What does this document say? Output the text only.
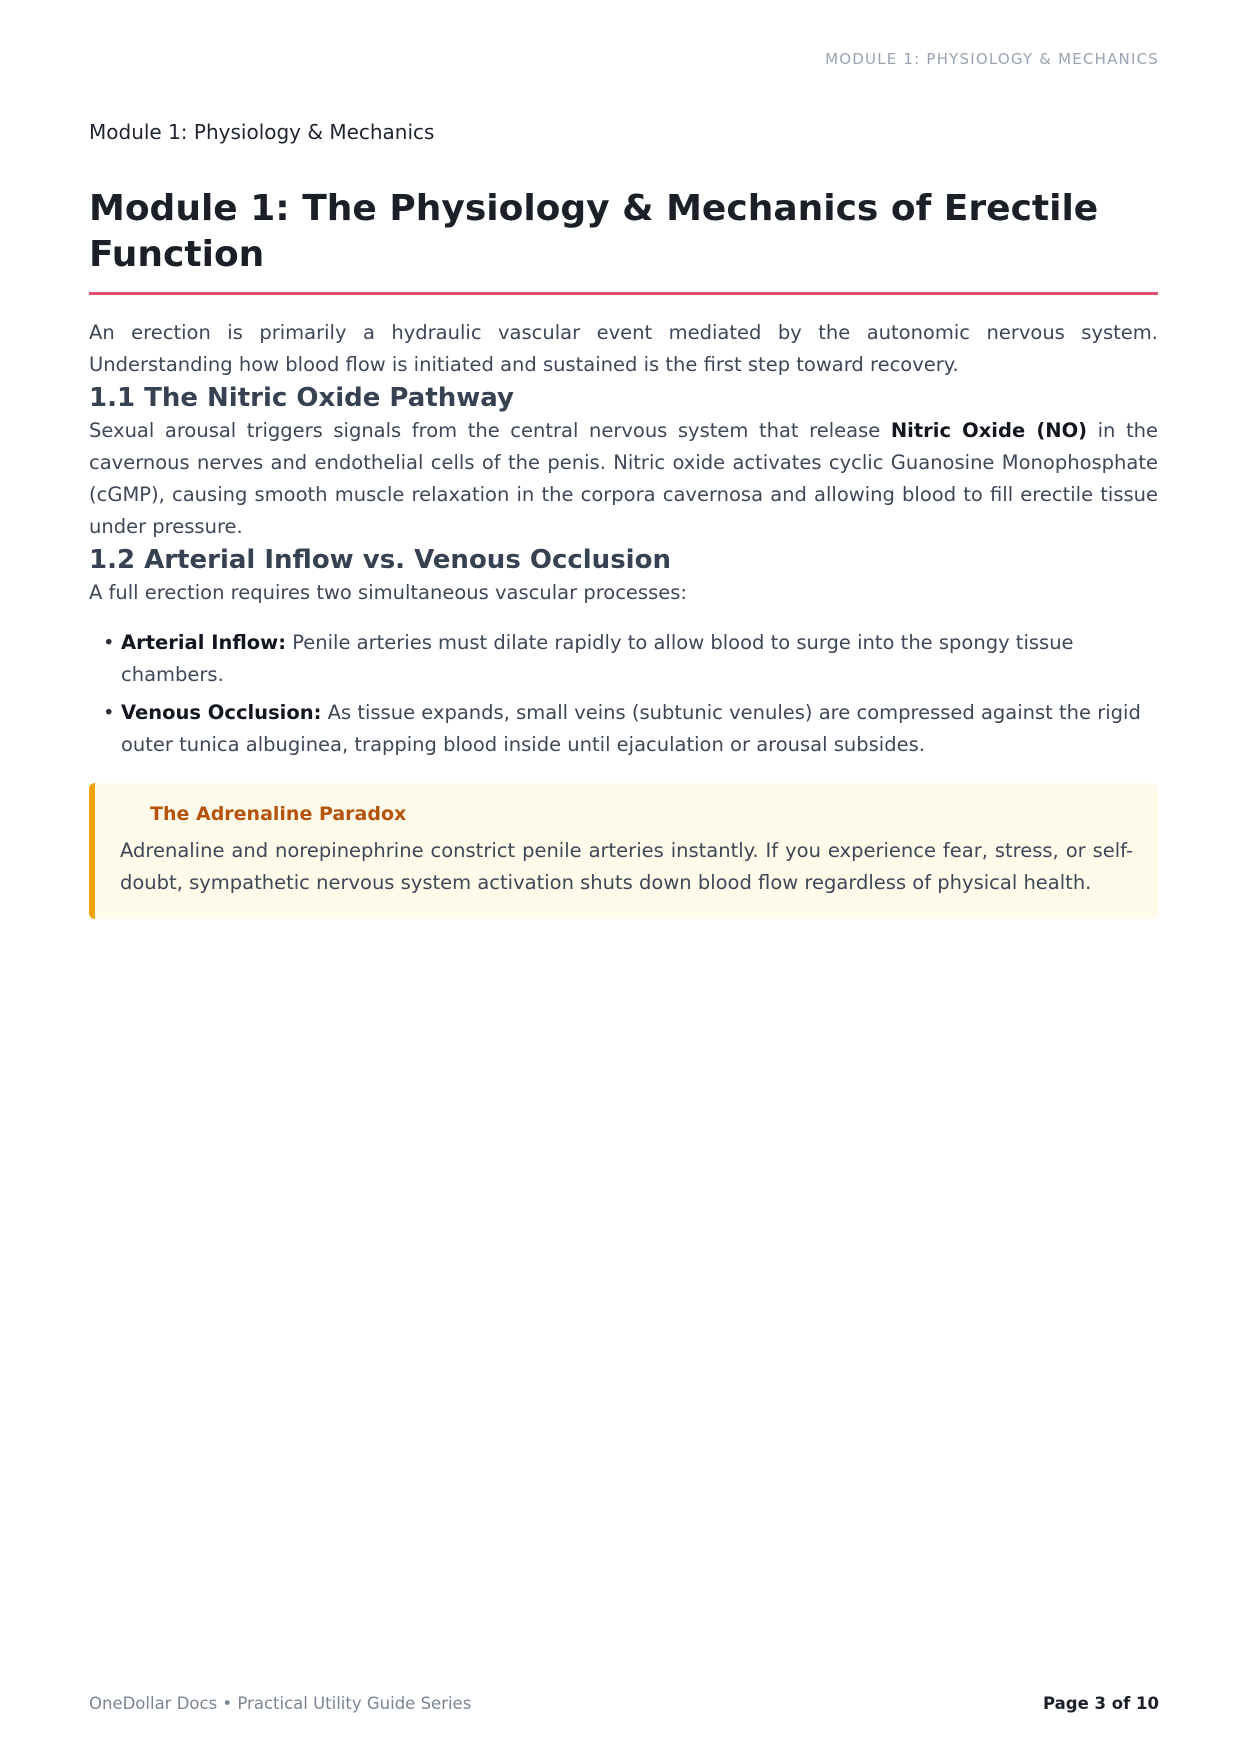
MODULE 1: PHYSIOLOGY & MECHANICS
Module 1: Physiology & Mechanics
Module 1: The Physiology & Mechanics of Erectile Function

An erection is primarily a hydraulic vascular event mediated by the autonomic nervous system. Understanding how blood flow is initiated and sustained is the first step toward recovery.

1.1 The Nitric Oxide Pathway

Sexual arousal triggers signals from the central nervous system that release Nitric Oxide (NO) in the cavernous nerves and endothelial cells of the penis. Nitric oxide activates cyclic Guanosine Monophosphate (cGMP), causing smooth muscle relaxation in the corpora cavernosa and allowing blood to fill erectile tissue under pressure.

1.2 Arterial Inflow vs. Venous Occlusion

A full erection requires two simultaneous vascular processes:

• Arterial Inflow: Penile arteries must dilate rapidly to allow blood to surge into the spongy tissue chambers.
• Venous Occlusion: As tissue expands, small veins (subtunic venules) are compressed against the rigid outer tunica albuginea, trapping blood inside until ejaculation or arousal subsides.
The Adrenaline Paradox

Adrenaline and norepinephrine constrict penile arteries instantly. If you experience fear, stress, or self-doubt, sympathetic nervous system activation shuts down blood flow regardless of physical health.

OneDollar Docs • Practical Utility Guide Series	Page 3 of 10
